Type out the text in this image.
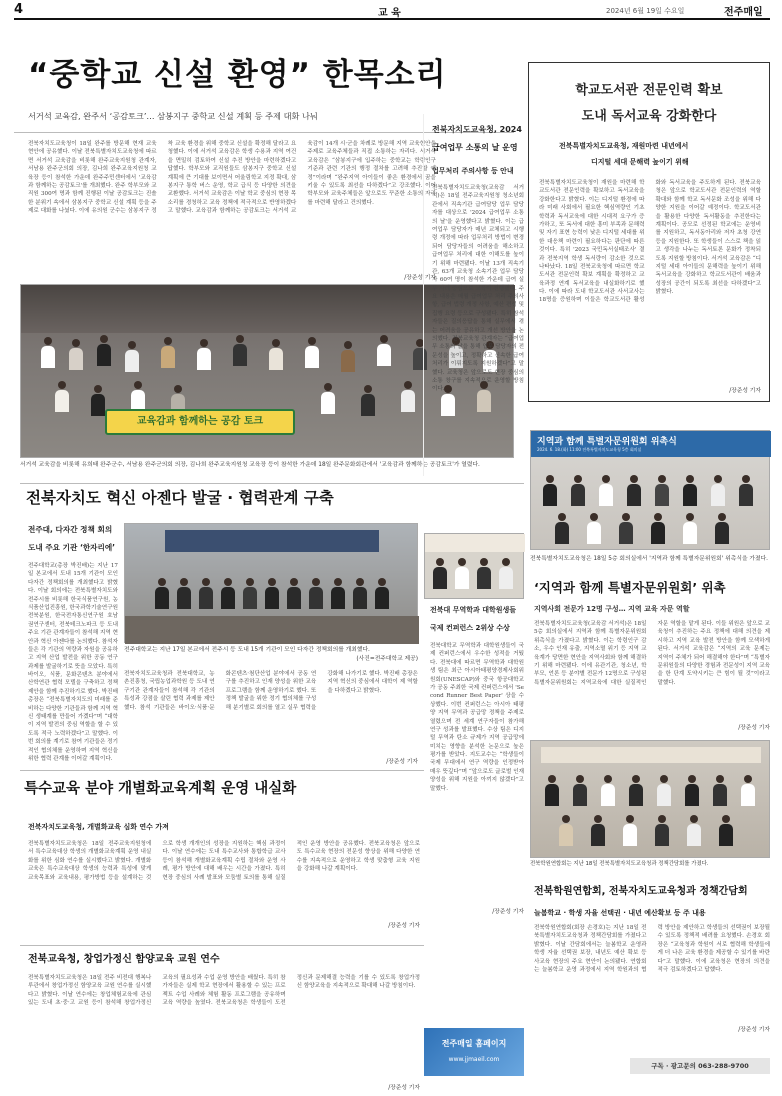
4	교 육	2024년 6월 19일 수요일	전주매일
“중학교 신설 환영” 한목소리
서거석 교육감, 완주서 ‘공감토크’… 삼봉지구 중학교 신설 계획 등 주제 대화 나눠
전북자치도교육청이 18일 완주를 방문해 현재 교육현안에 공유했다. 이날 전북특별자치도교육청에 따르면 서거석 교육감을 비롯해 완주교육지원청 관계자, 서남용 완주군의회 의장, 김나희 완주교육지원청 교육장 등이 참석한 가운데 완주주민센터에서 '교육감과 함께하는 공감토크'를 개최했다. 완주 학부모와 교직원 300여 명과 함께 진행된 이날 공감토크는 진솔한 분위기 속에서 삼봉지구 중학교 신설 계획 등을 주제로 대화를 나눴다. 이에 유의원 군수는 삼봉지구 정착 교육 환경을 위해 중학교 신설을 확정해 달라고 요청했다. 이에 서거석 교육감은 학생 수용과 지역 여건을 면밀히 검토하여 신설 추진 방안을 마련하겠다고 답했다. 학부모와 교직원들도 삼봉지구 중학교 신설 계획에 큰 기대를 보이면서 어울림학교 지정 확대, 삼봉지구 통학 버스 운영, 학교 급식 등 다양한 의견을 교환했다. 서거석 교육감은 이날 학교 중심의 현장 목소리를 경청하고 교육 정책에 적극적으로 반영하겠다고 말했다. 교육감과 함께하는 공감토크는 서거석 교육감이 14개 시·군을 차례로 방문해 지역 교육현안을 주제로 교육주체들과 직접 소통하는 자리다. 서거석 교육감은 “삼봉지구에 입주하는 중학교는 학령인구 기준과 관련 기관의 행정 절차를 고려해 추진할 예정”이라며 “완주지역 아이들이 좋은 환경에서 꿈을 키울 수 있도록 최선을 다하겠다”고 강조했다. 이어 학부모와 교육주체들은 앞으로도 꾸준한 소통의 자리를 마련해 달라고 건의했다.
/장준성 기자
교육감과 함께하는 공감 토크
서거석 교육감을 비롯해 유희태 완주군수, 서남용 완주군의회 의장, 김나희 완주교육지원청 교육장 등이 참석한 가운데 18일 완주문화회관에서 '교육감과 함께하는 공감토크'가 열렸다.
전북자치도교육청, 2024
급여업무 소통의 날 운영
업무처리 주의사항 등 안내
전북특별자치도교육청(교육감 서거석)은 18일 전주교육지원청 청소년회관에서 직속기관 급여담당 업무 담당자를 대상으로 '2024 급여업무 소통의 날'을 운영했다고 밝혔다. 이는 급여업무 담당자가 매년 교체되고 시행령 개정에 따라 업무처리 방법이 변경되어 담당자들의 어려움을 해소하고 급여업무 처리에 대한 이해도를 높이기 위해 마련됐다. 이날 13개 직속기관, 63개 교육청 소속기관 업무 담당자 60여 명이 참석한 가운데 급여 실무 사례 중심으로 교육이 진행됐다. 주요 내용은 매월 급여업무 처리 주의사항, 급여 법령 개정 사항, 예산 편성 및 집행 요령 등으로 구성됐다. 특히 참석자들은 질의응답을 통해 실무에서 겪는 어려움을 공유하고 개선 방안을 논의했다. 전북교육청 관계자는 “급여업무 소통의 날을 통해 업무 담당자의 전문성을 높이고, 정확하고 신속한 급여 처리가 이뤄지도록 지원하겠다”고 말했다. 교육청은 앞으로도 현장 중심의 소통 창구를 지속적으로 운영할 방침이다.
학교도서관 전문인력 확보
도내 독서교육 강화한다
전북특별자치도교육청, 재원마련 내년에서
디지털 세대 문해력 높이기 위해
전북특별자치도교육청이 재원을 마련해 학교도서관 전문인력을 확보하고 독서교육을 강화한다고 밝혔다. 이는 디지털 환경에 따라 미래 사회에서 필요한 핵심역량인 기초 학력과 독서교육에 대한 시대적 요구가 증가하고, 또 독서에 대한 흥미 부족과 문해력 및 자기 표현 능력이 낮은 디지털 세대를 위한 대응책 마련이 필요하다는 판단에 따른 것이다. 특히 '2023 국민독서실태조사' 결과 전북지역 학생 독서량이 감소한 것으로 나타났다. 18일 전북교육청에 따르면 학교도서관 전문인력 확보 계획을 확정하고 교육과정 연계 독서교육을 내실화하기로 했다. 이에 따라 도내 학교도서관 사서교사는 18명을 증원하며 이들은 학교도서관 활성화와 독서교육을 주도하게 된다. 전북교육청은 앞으로 학교도서관 전문인력의 역할 확대와 함께 학교 독서문화 조성을 위해 다양한 지원을 이어갈 예정이다. 학교도서관을 활용한 다양한 독서활동을 추진한다는 계획이다. 공모로 선정된 학교에는 운영비를 지원하고, 독서동아리와 저자 초청 강연 등을 지원한다. 또 학생들이 스스로 책을 읽고 생각을 나누는 독서토론 문화가 정착되도록 지원할 방침이다. 서거석 교육감은 “디지털 세대 아이들의 문해력을 높이기 위해 독서교육을 강화하고 학교도서관이 배움과 성장의 공간이 되도록 최선을 다하겠다”고 밝혔다.
/장준성 기자
지역과 함께 특별자문위원회 위촉식
2024. 6. 18.(화) 11:00 전북특별자치도교육청 5층 회의실
전북특별자치도교육청은 18일 5층 회의실에서 '지역과 함께 특별자문위원회' 위촉식을 가졌다.
‘지역과 함께 특별자문위원회’ 위촉
지역사회 전문가 12명 구성… 지역 교육 자문 역할
전북특별자치도교육청(교육감 서거석)은 18일 5층 회의실에서 지역과 함께 특별자문위원회 위촉식을 가졌다고 밝혔다. 이는 학령인구 감소, 우수 인재 유출, 지역소멸 위기 등 지역 교육계가 당면한 현안을 지역사회와 함께 해결하기 위해 마련됐다. 이에 유관기관, 청소년, 학부모, 언론 등 분야별 전문가 12명으로 구성된 특별자문위원회는 지역교육에 대한 실질적인 자문 역할을 맡게 된다. 이들 위원은 앞으로 교육청이 추진하는 주요 정책에 대해 의견을 제시하고 지역 교육 발전 방안을 함께 모색하게 된다. 서거석 교육감은 “지역의 교육 문제는 지역이 주체가 되어 해결해야 한다”며 “특별자문위원들의 다양한 경험과 전문성이 지역 교육을 한 단계 도약시키는 큰 힘이 될 것”이라고 말했다.
/장준성 기자
전북자치도 혁신 아젠다 발굴 · 협력관계 구축
전주대, 다자간 정책 회의
도내 주요 기관 ‘한자리에’
전주대학교(총장 박진배)는 지난 17일 본교에서 도내 15개 기관이 모인 다자간 정책회의를 개최했다고 밝혔다. 이날 회의에는 전북특별자치도와 전주시를 비롯해 한국식품연구원, 농식품산업진흥원, 한국과학기술연구원 전북분원, 한국전자통신연구원 호남권연구센터, 전북테크노파크 등 도내 주요 기관 관계자들이 참석해 지역 현안과 혁신 아젠다를 논의했다. 참석자들은 각 기관의 역량과 자원을 공유하고 지역 산업 발전을 위한 공동 연구 과제를 발굴하기로 뜻을 모았다. 특히 바이오, 식품, 문화콘텐츠 분야에서 산학연관 협력 모델을 구축하고 정책 제안을 함께 추진하기로 했다. 박진배 총장은 “전북특별자치도의 미래를 준비하는 다양한 기관들과 함께 지역 혁신 생태계를 만들어 가겠다”며 “대학이 지역 발전의 중심 역할을 할 수 있도록 적극 노력하겠다”고 말했다. 이번 회의를 계기로 참여 기관들은 정기적인 협의체를 운영하며 지역 혁신을 위한 협력 관계를 이어갈 계획이다.
전주대학교는 지난 17일 본교에서 전주시 등 도내 15개 기관이 모인 다자간 정책회의를 개최했다.
(사진=전주대학교 제공)
전북자치도교육청과 전북대학교, 농촌진흥청, 국립농업과학원 등 도내 연구기관 관계자들이 참석해 각 기관의 특성과 강점을 살린 협력 과제를 제안했다. 참석 기관들은 바이오·식품·문화콘텐츠·첨단산업 분야에서 공동 연구를 추진하고 인재 양성을 위한 교육 프로그램을 함께 운영하기로 했다. 또 정책 발굴을 위한 정기 협의체를 구성해 분기별로 회의를 열고 실무 협력을 강화해 나가기로 했다. 박진배 총장은 지역 혁신의 중심에서 대학이 제 역할을 다하겠다고 밝혔다.
/장준성 기자
전북대 무역학과 대학원생들
국제 컨퍼런스 2위상 수상
전북대학교 무역학과 대학원생들이 국제 컨퍼런스에서 우수한 성적을 거뒀다. 전북대에 따르면 무역학과 대학원생 팀은 최근 아시아태평양경제사회위원회(UNESCAP)와 중국 항공대학교가 공동 주최한 국제 컨퍼런스에서 'Second Runner Best Paper' 상을 수상했다. 이번 컨퍼런스는 아시아 태평양 지역 무역과 공급망 정책을 주제로 열렸으며 전 세계 연구자들이 참가해 연구 성과를 발표했다. 수상 팀은 디지털 무역과 탄소 규제가 지역 공급망에 미치는 영향을 분석한 논문으로 높은 평가를 받았다. 지도교수는 “학생들이 국제 무대에서 연구 역량을 인정받아 매우 뜻깊다”며 “앞으로도 글로벌 인재 양성을 위해 지원을 아끼지 않겠다”고 말했다.
/장준성 기자
특수교육 분야 개별화교육계획 운영 내실화
전북자치도교육청, 개별화교육 심화 연수 가져
전북특별자치도교육청은 18일 전주교육지원청에서 특수교육대상 학생의 개별화교육계획 운영 내실화를 위한 심화 연수를 실시했다고 밝혔다. 개별화교육은 특수교육대상 학생의 능력과 특성에 맞게 교육목표와 교육내용, 평가방법 등을 설계하는 것으로 학생 개개인의 성장을 지원하는 핵심 과정이다. 이날 연수에는 도내 특수교사와 통합학급 교사 등이 참석해 개별화교육계획 수립 절차와 운영 사례, 평가 방안에 대해 배우는 시간을 가졌다. 특히 현장 중심의 사례 발표와 모둠별 토의를 통해 실질적인 운영 방안을 공유했다. 전북교육청은 앞으로도 특수교육 현장의 전문성 향상을 위해 다양한 연수를 지속적으로 운영하고 학생 맞춤형 교육 지원을 강화해 나갈 계획이다.
/장준성 기자
전북교육청, 창업가정신 함양교육 교원 연수
전북특별자치도교육청은 18일 전주 비전대 행복나루관에서 창업가정신 함양교육 교원 연수를 실시했다고 밝혔다. 이날 연수에는 창업체험교육에 관심 있는 도내 초·중·고 교원 등이 참석해 창업가정신 교육의 필요성과 수업 운영 방안을 배웠다. 특히 참가자들은 실제 학교 현장에서 활용할 수 있는 프로젝트 수업 사례와 체험 활동 프로그램을 공유하며 교육 역량을 높였다. 전북교육청은 학생들이 도전 정신과 문제해결 능력을 기를 수 있도록 창업가정신 함양교육을 지속적으로 확대해 나갈 방침이다.
/장준성 기자
전주매일 홈페이지
www.jjmaeil.com
전북학원연합회는 지난 18일 전북특별자치도교육청과 정책간담회를 가졌다.
전북학원연합회, 전북자치도교육청과 정책간담회
늘봄학교 · 학생 자율 선택권 · 내년 예산확보 등 주 내용
전북학원연합회(회장 손경호)는 지난 18일 전북특별자치도교육청과 정책간담회를 가졌다고 밝혔다. 이날 간담회에서는 늘봄학교 운영과 학생 자율 선택권 보장, 내년도 예산 확보 등 사교육 현장의 주요 현안이 논의됐다. 연합회는 늘봄학교 운영 과정에서 지역 학원과의 협력 방안을 제안하고 학생들의 선택권이 보장될 수 있도록 정책적 배려를 요청했다. 손경호 회장은 “교육청과 학원이 서로 협력해 학생들에게 더 나은 교육 환경을 제공할 수 있기를 바란다”고 말했다. 이에 교육청은 현장의 의견을 적극 검토하겠다고 답했다.
/장준성 기자
구독 · 광고문의 063-288-9700
